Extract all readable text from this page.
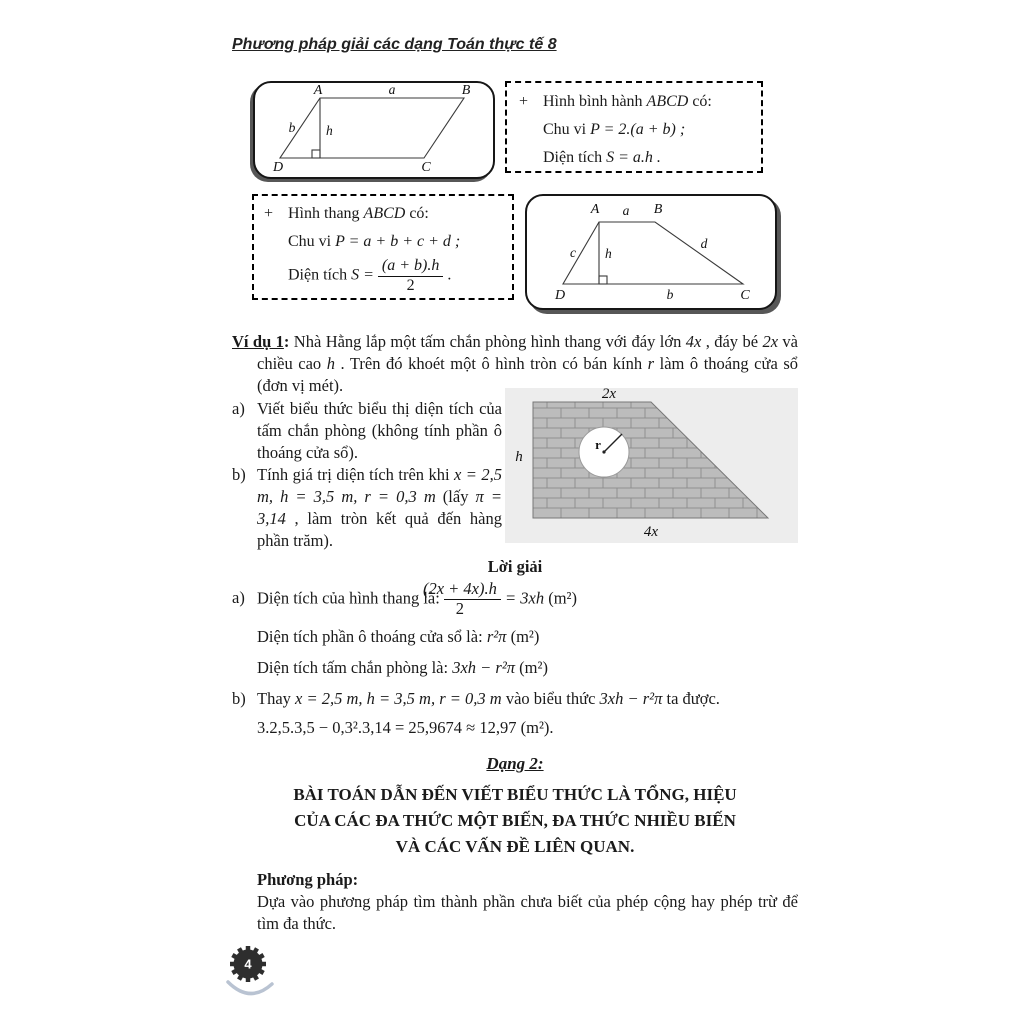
Phương pháp giải các dạng Toán thực tế 8
A	B
C
D
a
b h
+ Hình bình hành ABCD có:
Chu vi P = 2.(a + b) ;
Diện tích S = a.h .
+ Hình thang ABCD có:
Chu vi P = a + b + c + d ;
Diện tích $S = \frac{(a + b).h}{2}$ .
A	B
C
D
a
b
c
d
h

Ví dụ 1: Nhà Hằng lắp một tấm chắn phòng hình thang với đáy lớn 4x , đáy bé 2x và chiều cao h . Trên đó khoét một ô hình tròn có bán kính r làm ô thoáng cửa sổ (đơn vị mét).

a) Viết biểu thức biểu thị diện tích của tấm chắn phòng (không tính phần ô thoáng cửa sổ).
b) Tính giá trị diện tích trên khi x = 2,5 m, h = 3,5 m, r = 0,3 m (lấy π = 3,14 , làm tròn kết quả đến hàng phần trăm).
2x
4x
h
r
Lời giải
a) Diện tích của hình thang là: $\frac{(2x + 4x).h}{2} = 3xh$ (m²)
Diện tích phần ô thoáng cửa sổ là: r²π (m²)
Diện tích tấm chắn phòng là: 3xh − r²π (m²)
b) Thay x = 2,5 m, h = 3,5 m, r = 0,3 m vào biểu thức 3xh − r²π ta được.
3.2,5.3,5 − 0,3².3,14 = 25,9674 ≈ 12,97 (m²).
Dạng 2:
BÀI TOÁN DẪN ĐẾN VIẾT BIỂU THỨC LÀ TỔNG, HIỆU
CỦA CÁC ĐA THỨC MỘT BIẾN, ĐA THỨC NHIỀU BIẾN
VÀ CÁC VẤN ĐỀ LIÊN QUAN.
Phương pháp:
Dựa vào phương pháp tìm thành phần chưa biết của phép cộng hay phép trừ để tìm đa thức.
4
